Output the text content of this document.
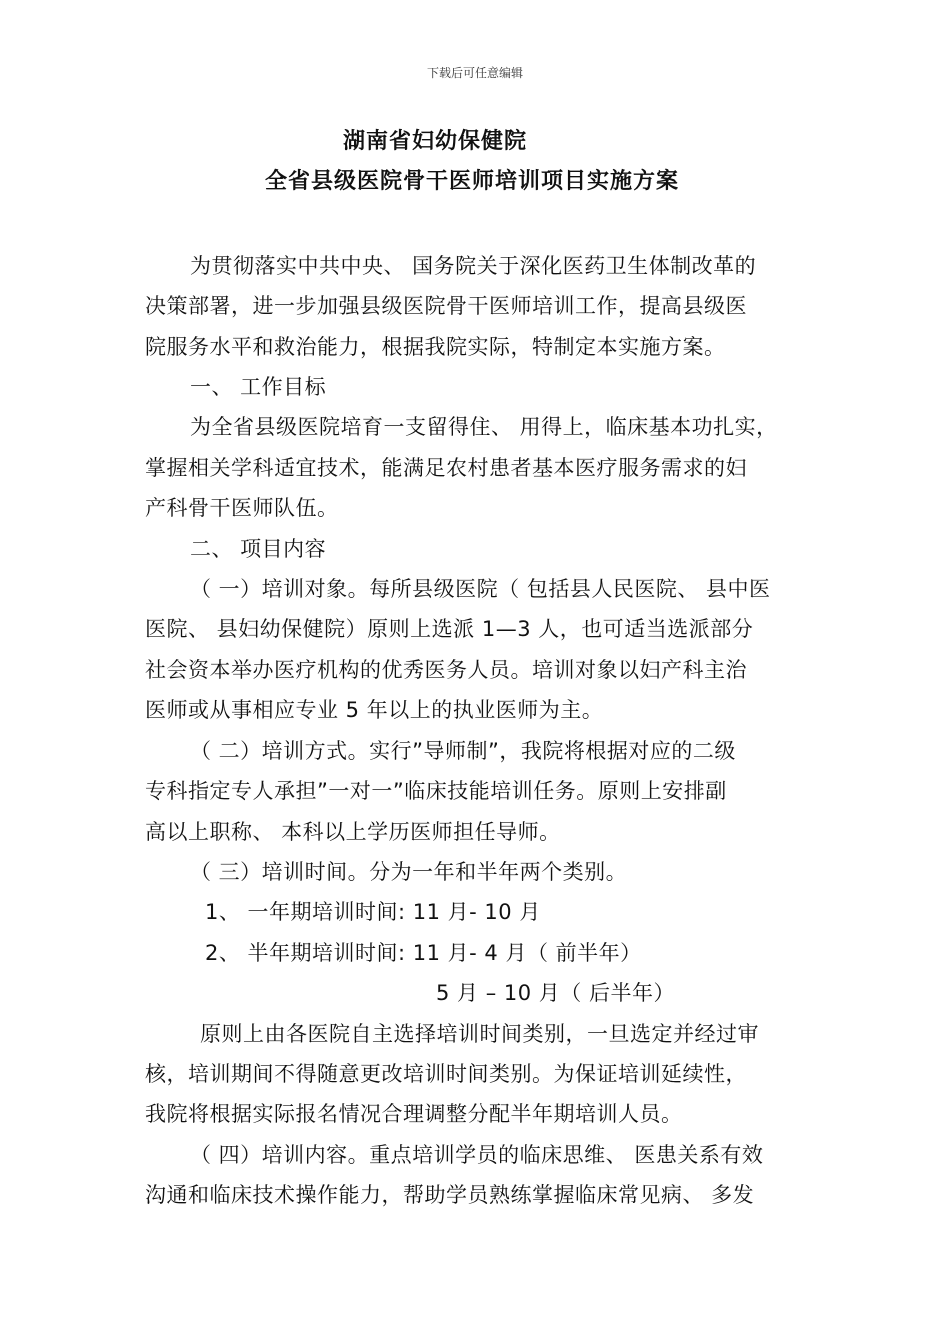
下载后可任意编辑
湖南省妇幼保健院
全省县级医院骨干医师培训项目实施方案
为贯彻落实中共中央、 国务院关于深化医药卫生体制改革的
决策部署，进一步加强县级医院骨干医师培训工作，提高县级医
院服务水平和救治能力，根据我院实际，特制定本实施方案。
一、 工作目标
为全省县级医院培育一支留得住、 用得上，临床基本功扎实，
掌握相关学科适宜技术，能满足农村患者基本医疗服务需求的妇
产科骨干医师队伍。
二、 项目内容
（ 一）培训对象。每所县级医院（ 包括县人民医院、 县中医
医院、 县妇幼保健院）原则上选派 1—3 人，也可适当选派部分
社会资本举办医疗机构的优秀医务人员。培训对象以妇产科主治
医师或从事相应专业 5 年以上的执业医师为主。
（ 二）培训方式。实行”导师制”，我院将根据对应的二级
专科指定专人承担”一对一”临床技能培训任务。原则上安排副
高以上职称、 本科以上学历医师担任导师。
（ 三）培训时间。分为一年和半年两个类别。
1、 一年期培训时间: 11 月- 10 月
2、 半年期培训时间: 11 月- 4 月（ 前半年）
5 月 – 10 月（ 后半年）
原则上由各医院自主选择培训时间类别，一旦选定并经过审
核，培训期间不得随意更改培训时间类别。为保证培训延续性，
我院将根据实际报名情况合理调整分配半年期培训人员。
（ 四）培训内容。重点培训学员的临床思维、 医患关系有效
沟通和临床技术操作能力，帮助学员熟练掌握临床常见病、 多发
